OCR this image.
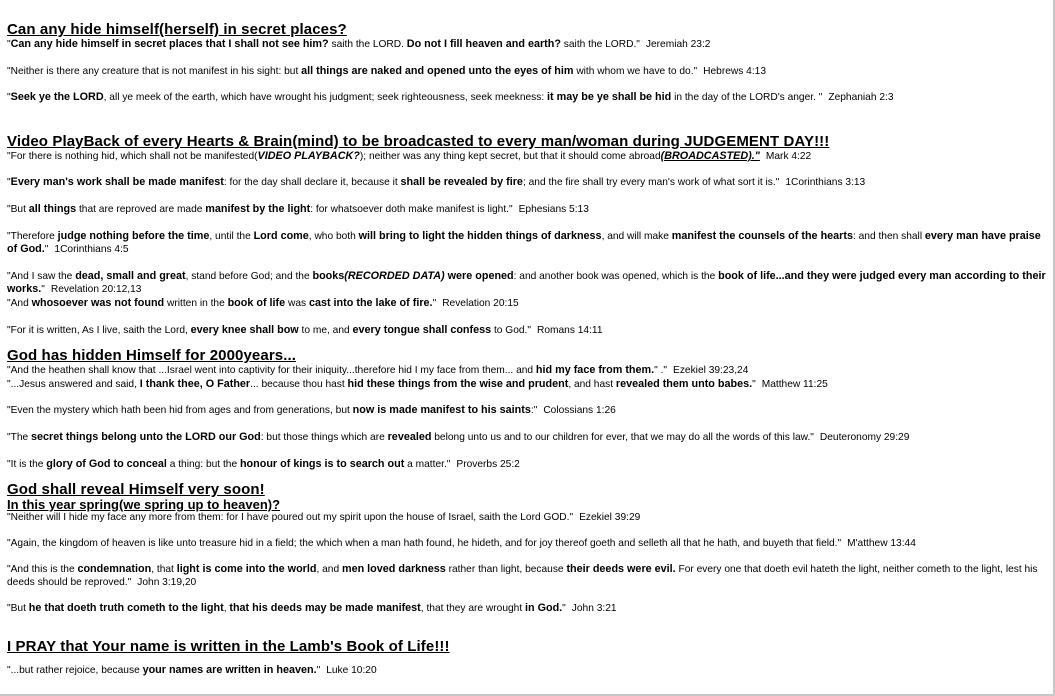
Can any hide himself(herself) in secret places?

"Can any hide himself in secret places that I shall not see him? saith the LORD. Do not I fill heaven and earth? saith the LORD." Jeremiah 23:2

"Neither is there any creature that is not manifest in his sight: but all things are naked and opened unto the eyes of him with whom we have to do." Hebrews 4:13

"Seek ye the LORD, all ye meek of the earth, which have wrought his judgment; seek righteousness, seek meekness: it may be ye shall be hid in the day of the LORD's anger. " Zephaniah 2:3

Video PlayBack of every Hearts & Brain(mind) to be broadcasted to every man/woman during JUDGEMENT DAY!!!

"For there is nothing hid, which shall not be manifested(VIDEO PLAYBACK?); neither was any thing kept secret, but that it should come abroad(BROADCASTED)." Mark 4:22

"Every man's work shall be made manifest: for the day shall declare it, because it shall be revealed by fire; and the fire shall try every man's work of what sort it is." 1Corinthians 3:13

"But all things that are reproved are made manifest by the light: for whatsoever doth make manifest is light." Ephesians 5:13

"Therefore judge nothing before the time, until the Lord come, who both will bring to light the hidden things of darkness, and will make manifest the counsels of the hearts: and then shall every man have praise of God." 1Corinthians 4:5

"And I saw the dead, small and great, stand before God; and the books(RECORDED DATA) were opened: and another book was opened, which is the book of life...and they were judged every man according to their works." Revelation 20:12,13

"And whosoever was not found written in the book of life was cast into the lake of fire." Revelation 20:15

"For it is written, As I live, saith the Lord, every knee shall bow to me, and every tongue shall confess to God." Romans 14:11

God has hidden Himself for 2000years...

"And the heathen shall know that ...Israel went into captivity for their iniquity...therefore hid I my face from them... and hid my face from them." ." Ezekiel 39:23,24

"...Jesus answered and said, I thank thee, O Father... because thou hast hid these things from the wise and prudent, and hast revealed them unto babes." Matthew 11:25

"Even the mystery which hath been hid from ages and from generations, but now is made manifest to his saints:" Colossians 1:26

"The secret things belong unto the LORD our God: but those things which are revealed belong unto us and to our children for ever, that we may do all the words of this law." Deuteronomy 29:29

"It is the glory of God to conceal a thing: but the honour of kings is to search out a matter." Proverbs 25:2

God shall reveal Himself very soon!
In this year spring(we spring up to heaven)?

"Neither will I hide my face any more from them: for I have poured out my spirit upon the house of Israel, saith the Lord GOD." Ezekiel 39:29

"Again, the kingdom of heaven is like unto treasure hid in a field; the which when a man hath found, he hideth, and for joy thereof goeth and selleth all that he hath, and buyeth that field." M'atthew 13:44

"And this is the condemnation, that light is come into the world, and men loved darkness rather than light, because their deeds were evil. For every one that doeth evil hateth the light, neither cometh to the light, lest his deeds should be reproved." John 3:19,20

"But he that doeth truth cometh to the light, that his deeds may be made manifest, that they are wrought in God." John 3:21

I PRAY that Your name is written in the Lamb's Book of Life!!!

"...but rather rejoice, because your names are written in heaven." Luke 10:20
